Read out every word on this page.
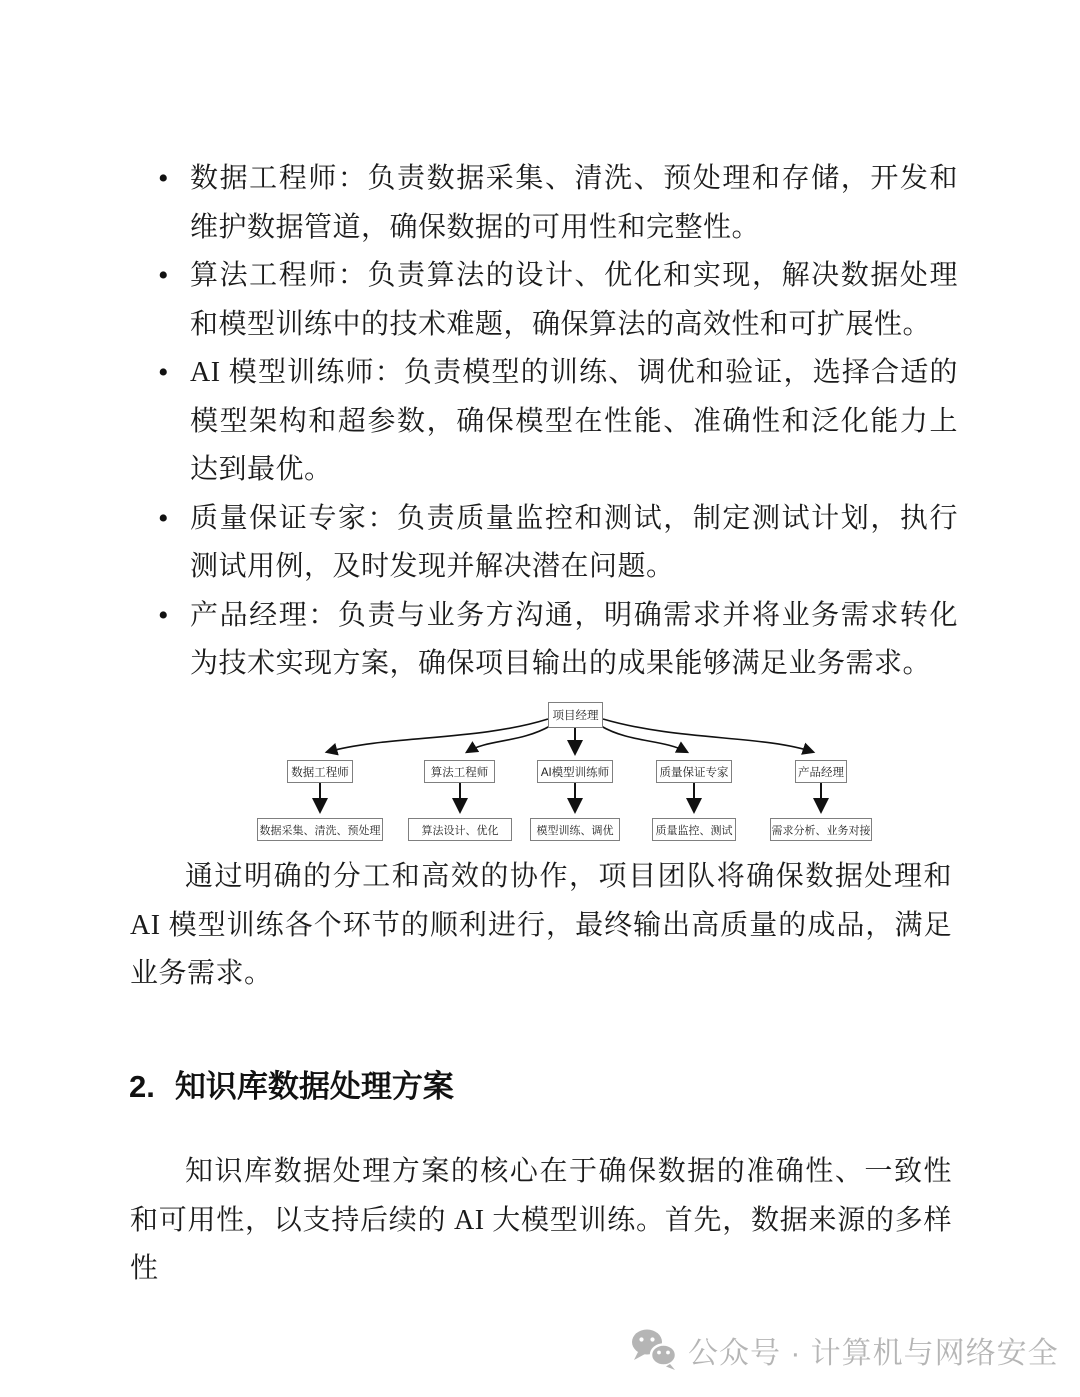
• 数据工程师：负责数据采集、清洗、预处理和存储，开发和维护数据管道，确保数据的可用性和完整性。
• 算法工程师：负责算法的设计、优化和实现，解决数据处理和模型训练中的技术难题，确保算法的高效性和可扩展性。
• AI 模型训练师：负责模型的训练、调优和验证，选择合适的模型架构和超参数，确保模型在性能、准确性和泛化能力上达到最优。
• 质量保证专家：负责质量监控和测试，制定测试计划，执行测试用例，及时发现并解决潜在问题。
• 产品经理：负责与业务方沟通，明确需求并将业务需求转化为技术实现方案，确保项目输出的成果能够满足业务需求。
项目经理
数据工程师	算法工程师	AI模型训练师	质量保证专家	产品经理
数据采集、清洗、预处理	算法设计、优化	模型训练、调优	质量监控、测试	需求分析、业务对接

通过明确的分工和高效的协作，项目团队将确保数据处理和 AI 模型训练各个环节的顺利进行，最终输出高质量的成品，满足业务需求。

2. 知识库数据处理方案

知识库数据处理方案的核心在于确保数据的准确性、一致性和可用性，以支持后续的 AI 大模型训练。首先，数据来源的多样性

公众号 · 计算机与网络安全
